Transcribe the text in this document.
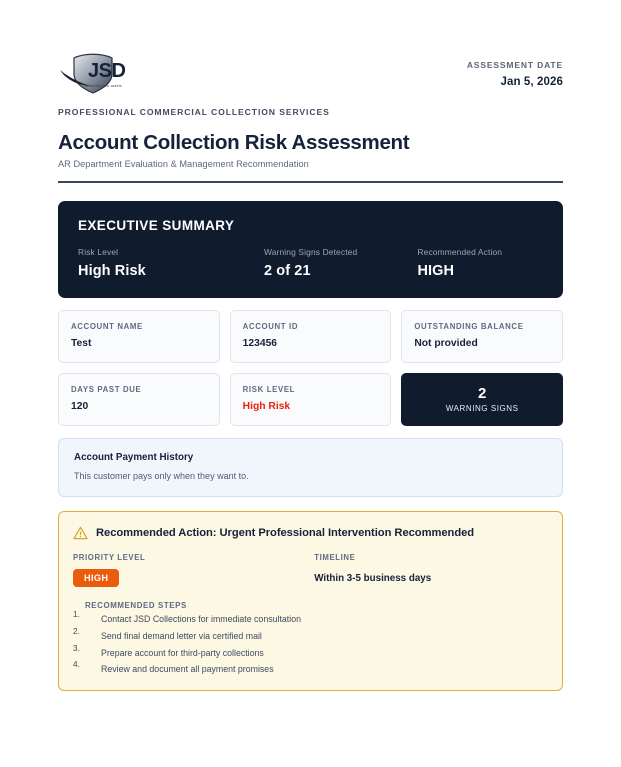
JSD
Delivering your assets
ASSESSMENT DATE
Jan 5, 2026
PROFESSIONAL COMMERCIAL COLLECTION SERVICES
Account Collection Risk Assessment
AR Department Evaluation & Management Recommendation
EXECUTIVE SUMMARY
Risk Level
High Risk
Warning Signs Detected
2 of 21
Recommended Action
HIGH
ACCOUNT NAME
Test
ACCOUNT ID
123456
OUTSTANDING BALANCE
Not provided
DAYS PAST DUE
120
RISK LEVEL
High Risk
2
WARNING SIGNS
Account Payment History
This customer pays only when they want to.
Recommended Action: Urgent Professional Intervention Recommended
PRIORITY LEVEL
HIGH
TIMELINE
Within 3-5 business days
RECOMMENDED STEPS
Contact JSD Collections for immediate consultation
Send final demand letter via certified mail
Prepare account for third-party collections
Review and document all payment promises
